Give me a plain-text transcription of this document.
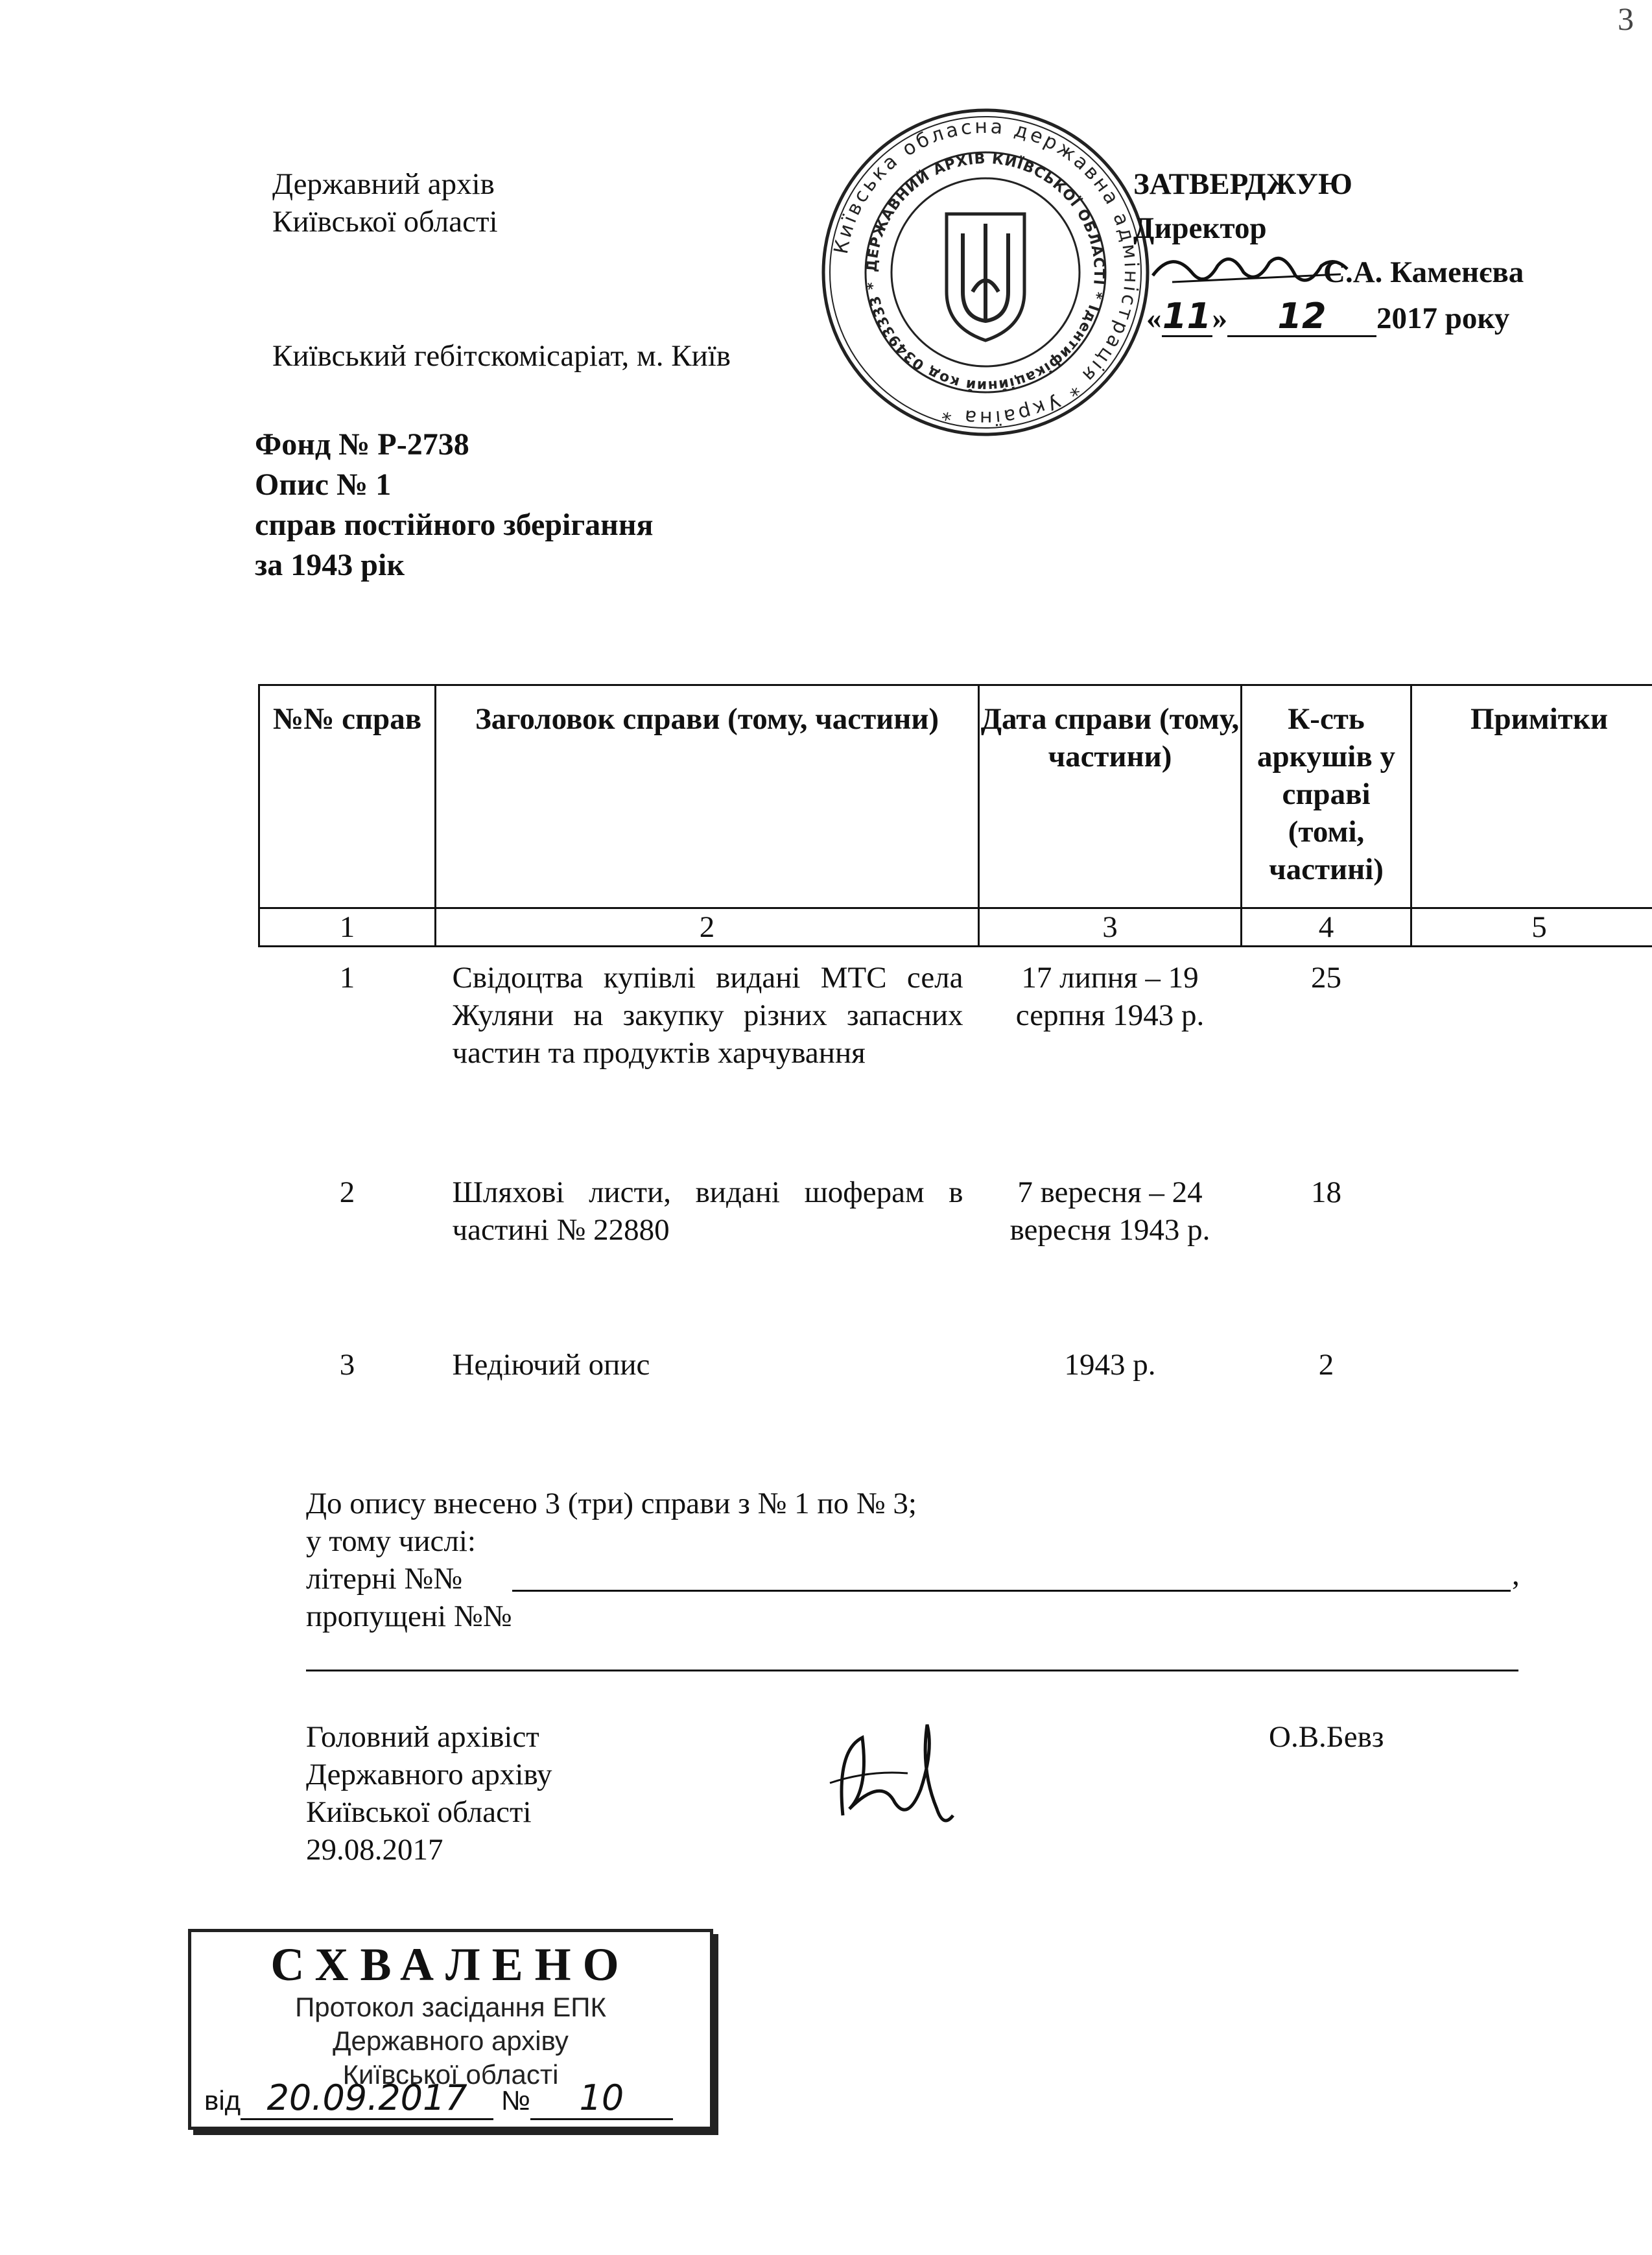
3
Державний архів
Київської області
Київський гебітскомісаріат, м. Київ
Київська обласна державна адміністрація * Україна *
ДЕРЖАВНИЙ АРХІВ КИЇВСЬКОЇ ОБЛАСТІ * Ідентифікаційний код 03493333 *
ЗАТВЕРДЖУЮ
Директор
С.А. Каменєва
«11» 12 2017 року
Фонд № Р-2738
Опис № 1
справ постійного зберігання
за 1943 рік
№№ справ	Заголовок справи (тому, частини)	Дата справи (тому, частини)	К-сть аркушів у справі (томі, частині)	Примітки
1	2	3	4	5
1	Свідоцтва купівлі видані МТС села Жуляни на закупку різних запасних частин та продуктів харчування	17 липня – 19 серпня 1943 р.	25	
2	Шляхові листи, видані шоферам в частині № 22880	7 вересня – 24 вересня 1943 р.	18	
3	Недіючий опис	1943 р.	2	
До опису внесено 3 (три) справи з № 1 по № 3;
у тому числі:
літерні №№
пропущені №№
,
Головний архівіст
Державного архіву
Київської області
29.08.2017
О.В.Бевз
СХВАЛЕНО
Протокол засідання ЕПК
Державного архіву
Київської області
від 20.09.2017 № 10
